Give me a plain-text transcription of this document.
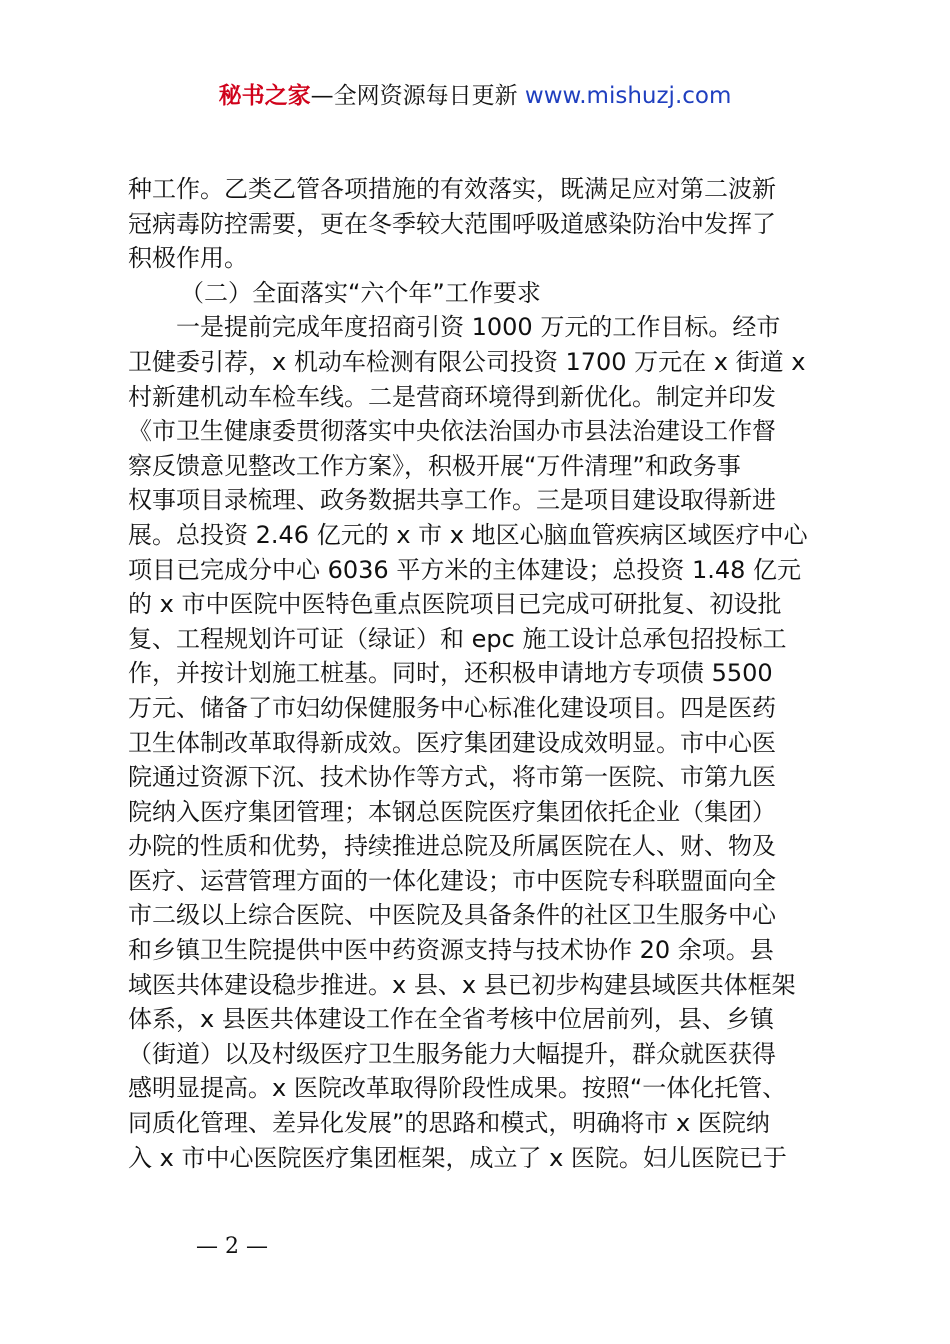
秘书之家—全网资源每日更新 www.mishuzj.com
种工作。乙类乙管各项措施的有效落实，既满足应对第二波新
冠病毒防控需要，更在冬季较大范围呼吸道感染防治中发挥了
积极作用。
（二）全面落实“六个年”工作要求
一是提前完成年度招商引资 1000 万元的工作目标。经市
卫健委引荐，x 机动车检测有限公司投资 1700 万元在 x 街道 x
村新建机动车检车线。二是营商环境得到新优化。制定并印发
《市卫生健康委贯彻落实中央依法治国办市县法治建设工作督
察反馈意见整改工作方案》，积极开展“万件清理”和政务事
权事项目录梳理、政务数据共享工作。三是项目建设取得新进
展。总投资 2.46 亿元的 x 市 x 地区心脑血管疾病区域医疗中心
项目已完成分中心 6036 平方米的主体建设；总投资 1.48 亿元
的 x 市中医院中医特色重点医院项目已完成可研批复、初设批
复、工程规划许可证（绿证）和 epc 施工设计总承包招投标工
作，并按计划施工桩基。同时，还积极申请地方专项债 5500
万元、储备了市妇幼保健服务中心标准化建设项目。四是医药
卫生体制改革取得新成效。医疗集团建设成效明显。市中心医
院通过资源下沉、技术协作等方式，将市第一医院、市第九医
院纳入医疗集团管理；本钢总医院医疗集团依托企业（集团）
办院的性质和优势，持续推进总院及所属医院在人、财、物及
医疗、运营管理方面的一体化建设；市中医院专科联盟面向全
市二级以上综合医院、中医院及具备条件的社区卫生服务中心
和乡镇卫生院提供中医中药资源支持与技术协作 20 余项。县
域医共体建设稳步推进。x 县、x 县已初步构建县域医共体框架
体系，x 县医共体建设工作在全省考核中位居前列，县、乡镇
（街道）以及村级医疗卫生服务能力大幅提升，群众就医获得
感明显提高。x 医院改革取得阶段性成果。按照“一体化托管、
同质化管理、差异化发展”的思路和模式，明确将市 x 医院纳
入 x 市中心医院医疗集团框架，成立了 x 医院。妇儿医院已于
— 2 —
